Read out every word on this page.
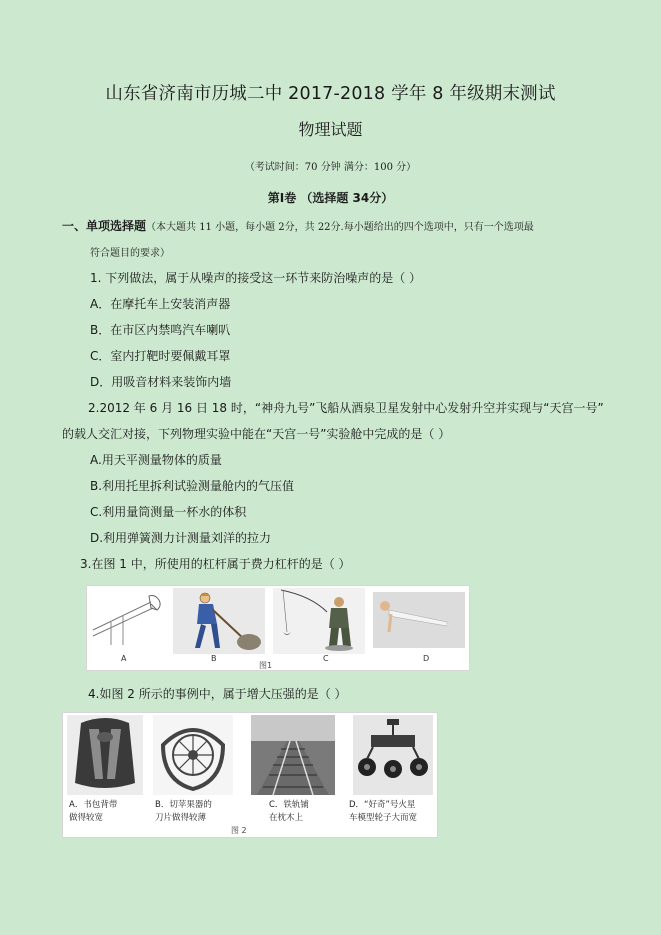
山东省济南市历城二中 2017-2018 学年 8 年级期末测试
物理试题
（考试时间：70 分钟 满分：100 分）
第Ⅰ卷 （选择题 34分）
一、单项选择题（本大题共 11 小题，每小题 2分，共 22分.每小题给出的四个选项中，只有一个选项最
符合题目的要求）
1. 下列做法，属于从噪声的接受这一环节来防治噪声的是（ ）
A．在摩托车上安装消声器
B．在市区内禁鸣汽车喇叭
C．室内打靶时要佩戴耳罩
D．用吸音材料来装饰内墙
2.2012 年 6 月 16 日 18 时，“神舟九号”飞船从酒泉卫星发射中心发射升空并实现与“天宫一号”
的载人交汇对接，下列物理实验中能在“天宫一号”实验舱中完成的是（ ）
A.用天平测量物体的质量
B.利用托里拆利试验测量舱内的气压值
C.利用量筒测量一杯水的体积
D.利用弹簧测力计测量刘洋的拉力
3.在图 1 中，所使用的杠杆属于费力杠杆的是（ ）
A	B	C	D
图1
4.如图 2 所示的事例中，属于增大压强的是（ ）
A．书包背带
做得较宽
B．切苹果器的
刀片做得较薄
C．铁轨铺
在枕木上
D．“好奇”号火星
车模型轮子大而宽
图 2
